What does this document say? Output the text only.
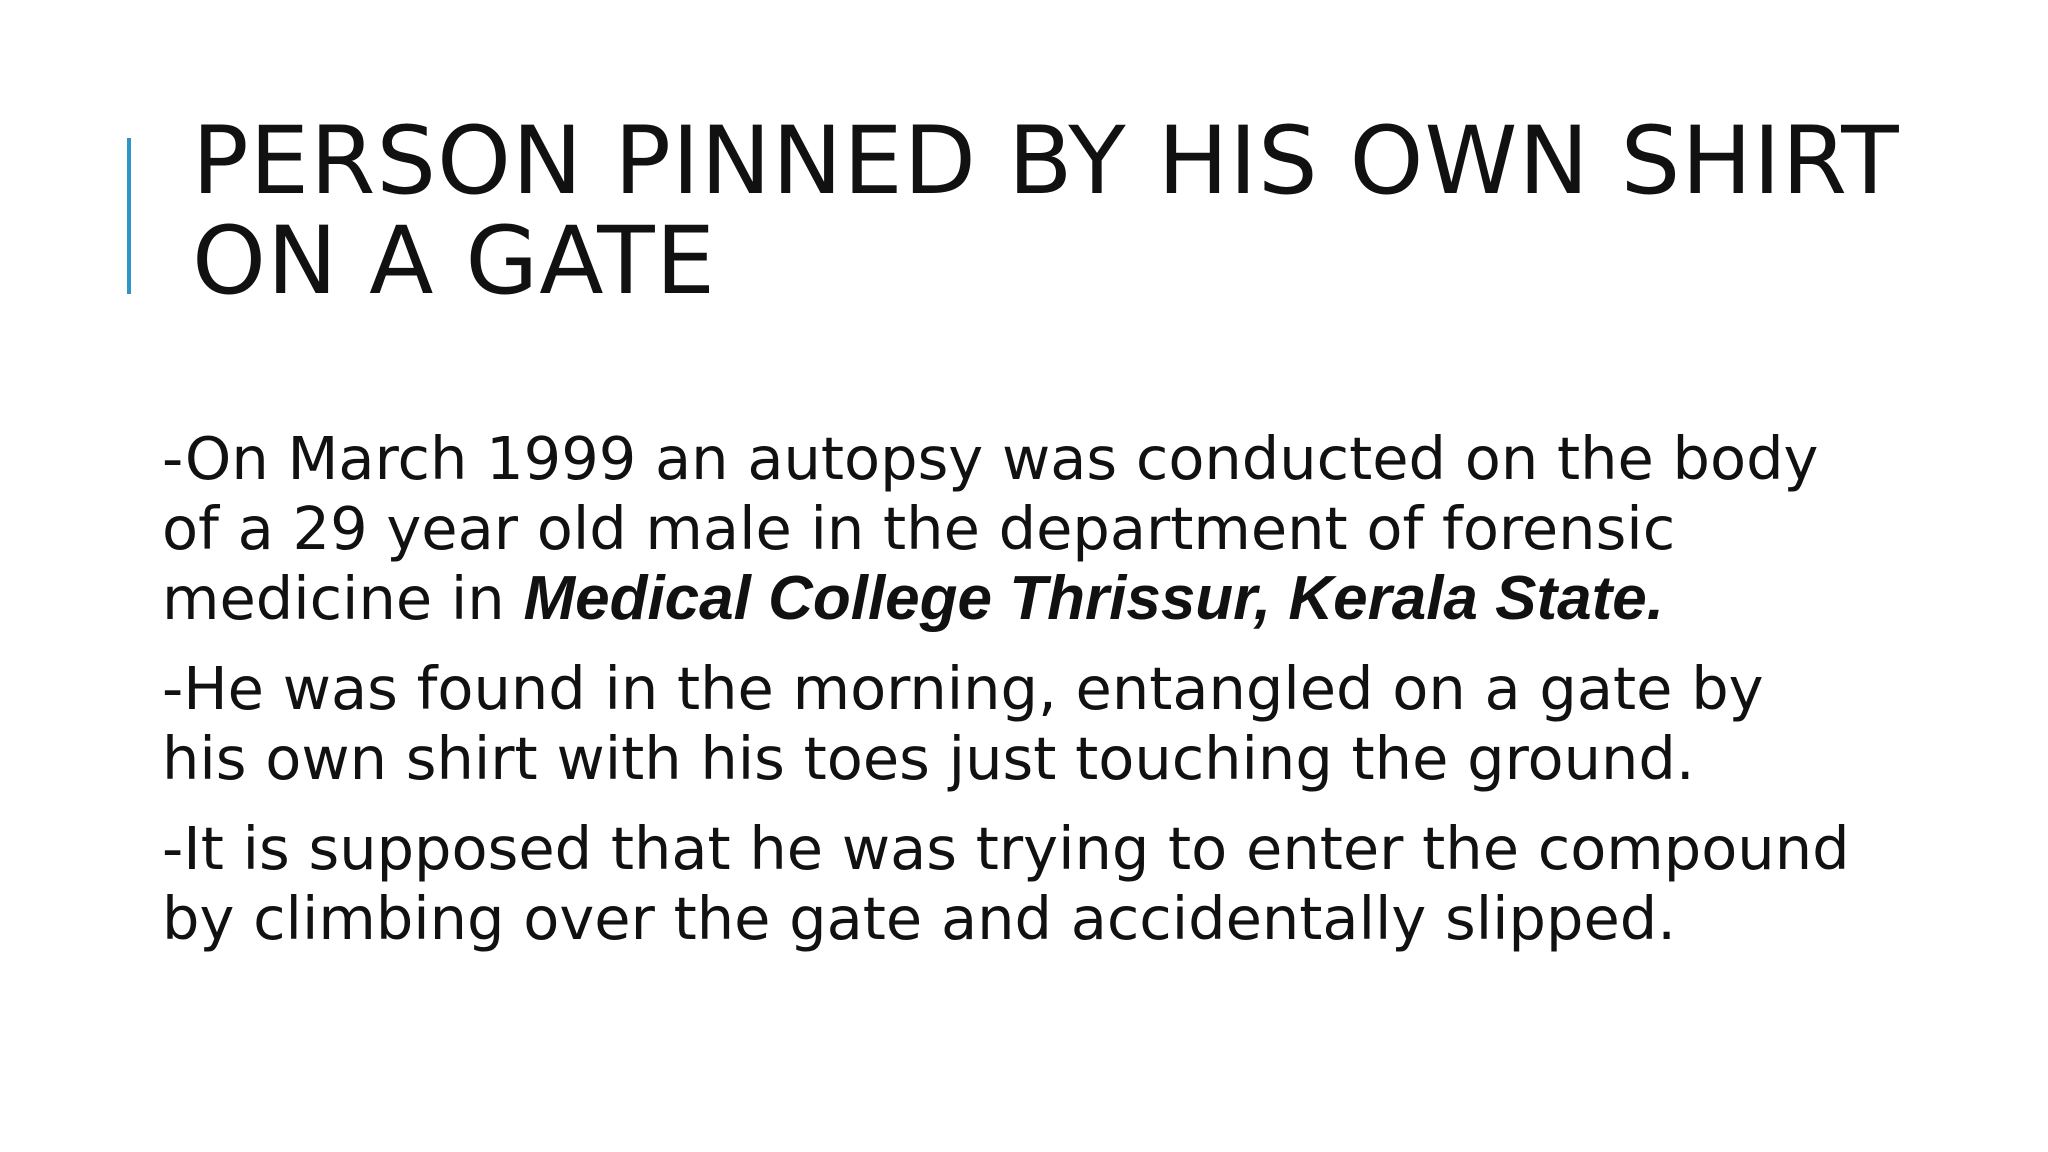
PERSON PINNED BY HIS OWN SHIRT ON A GATE

-On March 1999 an autopsy was conducted on the body of a 29 year old male in the department of forensic medicine in Medical College Thrissur, Kerala State.

-He was found in the morning, entangled on a gate by his own shirt with his toes just touching the ground.

-It is supposed that he was trying to enter the compound by climbing over the gate and accidentally slipped.
